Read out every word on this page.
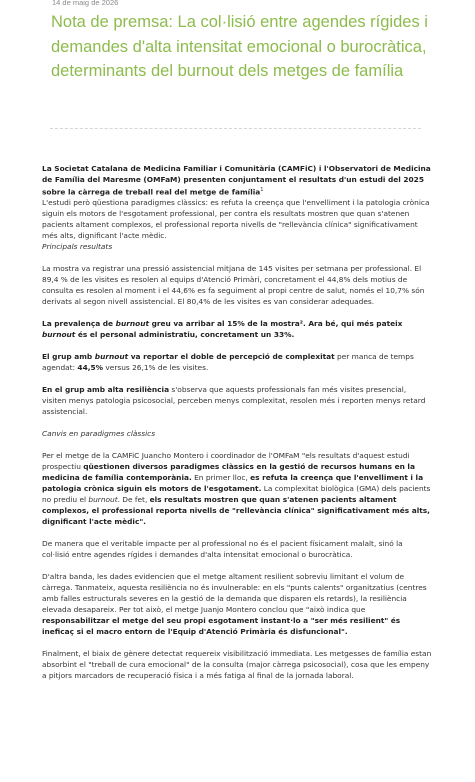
14 de maig de 2026
Nota de premsa: La col·lisió entre agendes rígides i demandes d'alta intensitat emocional o burocràtica, determinants del burnout dels metges de família

La Societat Catalana de Medicina Familiar i Comunitària (CAMFiC) i l'Observatori de Medicina de Família del Maresme (OMFaM) presenten conjuntament el resultats d'un estudi del 2025 sobre la càrrega de treball real del metge de família$^1$
L'estudi però qüestiona paradigmes clàssics: es refuta la creença que l'envelliment i la patologia crònica siguin els motors de l'esgotament professional, per contra els resultats mostren que quan s'atenen pacients altament complexos, el professional reporta nivells de "rellevància clínica" significativament més alts, dignificant l'acte mèdic.
Principals resultats

La mostra va registrar una pressió assistencial mitjana de 145 visites per setmana per professional. El 89,4 % de les visites es resolen al equips d'Atenció Primàri, concretament el 44,8% dels motius de consulta es resolen al moment i el 44,6% es fa seguiment al propi centre de salut, només el 10,7% són derivats al segon nivell assistencial. El 80,4% de les visites es van considerar adequades.

La prevalença de burnout greu va arribar al 15% de la mostra². Ara bé, qui més pateix burnout és el personal administratiu, concretament un 33%.

El grup amb burnout va reportar el doble de percepció de complexitat per manca de temps agendat: 44,5% versus 26,1% de les visites.

En el grup amb alta resiliència s'observa que aquests professionals fan més visites presencial, visiten menys patologia psicosocial, perceben menys complexitat, resolen més i reporten menys retard assistencial.

Canvis en paradigmes clàssics

Per el metge de la CAMFiC Juancho Montero i coordinador de l'OMFaM "els resultats d'aquest estudi prospectiu qüestionen diversos paradigmes clàssics en la gestió de recursos humans en la medicina de família contemporània. En primer lloc, es refuta la creença que l'envelliment i la patologia crònica siguin els motors de l'esgotament. La complexitat biològica (GMA) dels pacients no prediu el burnout. De fet, els resultats mostren que quan s'atenen pacients altament complexos, el professional reporta nivells de "rellevància clínica" significativament més alts, dignificant l'acte mèdic".

De manera que el veritable impacte per al professional no és el pacient físicament malalt, sinó la col·lisió entre agendes rígides i demandes d'alta intensitat emocional o burocràtica.

D'altra banda, les dades evidencien que el metge altament resilient sobreviu limitant el volum de càrrega. Tanmateix, aquesta resiliència no és invulnerable: en els "punts calents" organitzatius (centres amb falles estructurals severes en la gestió de la demanda que disparen els retards), la resiliència elevada desapareix. Per tot això, el metge Juanjo Montero conclou que "això indica que responsabilitzar el metge del seu propi esgotament instant·lo a "ser més resilient" és ineficaç si el macro entorn de l'Equip d'Atenció Primària és disfuncional".

Finalment, el biaix de gènere detectat requereix visibilització immediata. Les metgesses de família estan absorbint el "treball de cura emocional" de la consulta (major càrrega psicosocial), cosa que les empeny a pitjors marcadors de recuperació física i a més fatiga al final de la jornada laboral.
